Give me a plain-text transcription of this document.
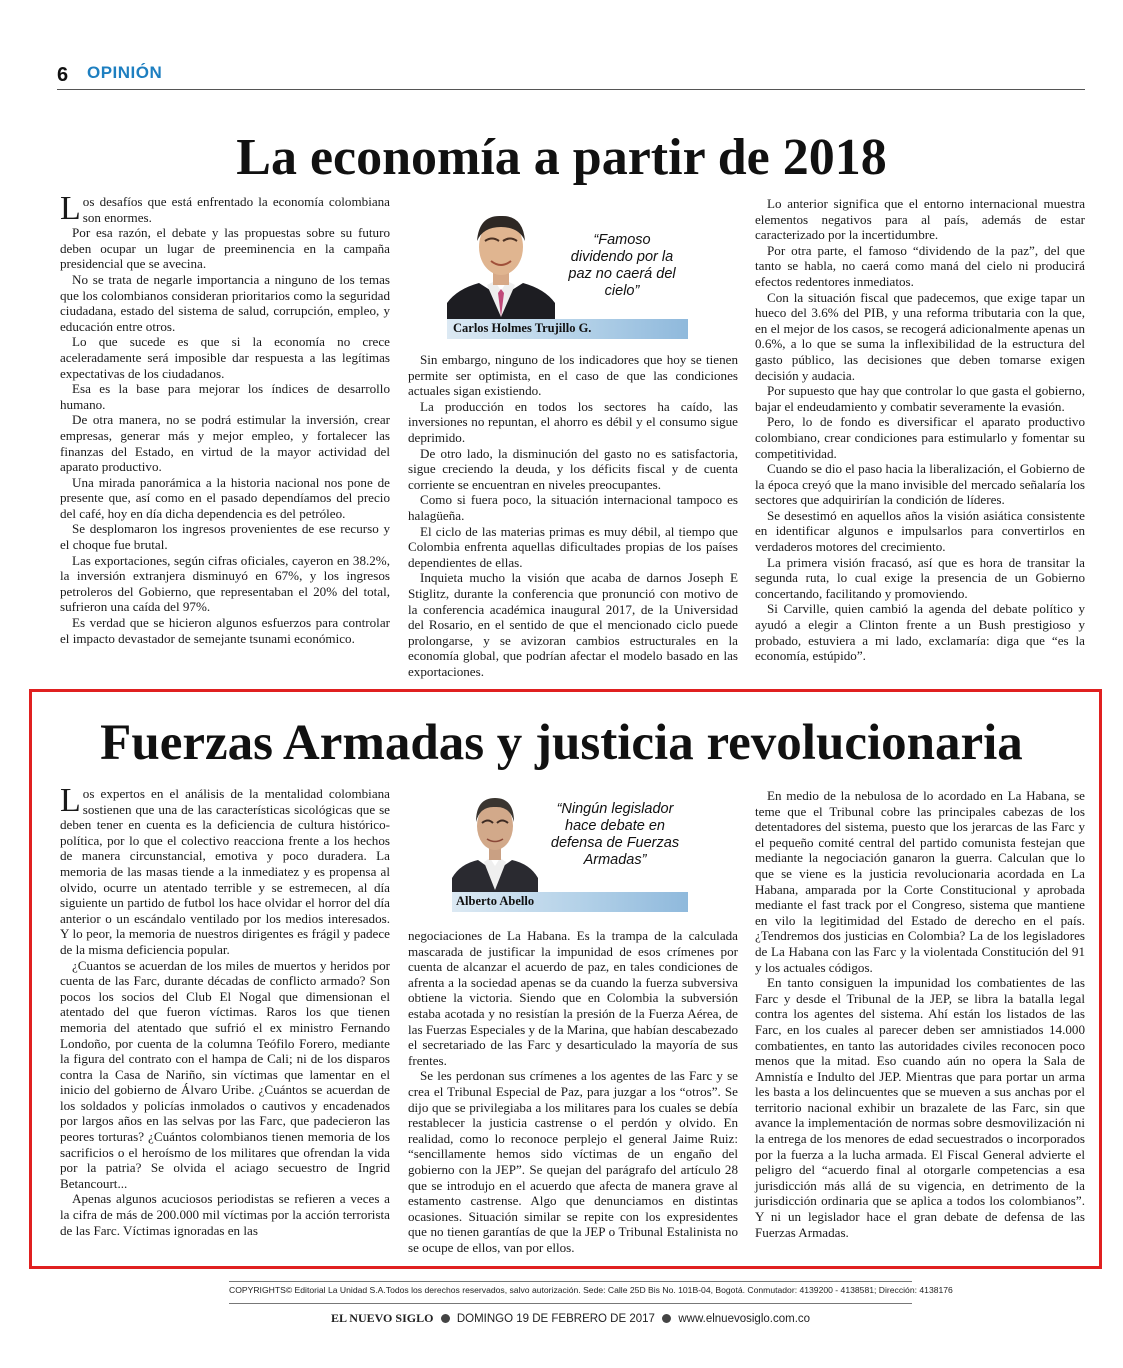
6 OPINIÓN
La economía a partir de 2018

Los desafíos que está enfrentado la economía colombiana son enormes.

Por esa razón, el debate y las propuestas sobre su futuro deben ocupar un lugar de preeminencia en la campaña presidencial que se avecina.

No se trata de negarle importancia a ninguno de los temas que los colombianos consideran prioritarios como la seguridad ciudadana, estado del sistema de salud, corrupción, empleo, y educación entre otros.

Lo que sucede es que si la economía no crece aceleradamente será imposible dar respuesta a las legítimas expectativas de los ciudadanos.

Esa es la base para mejorar los índices de desarrollo humano.

De otra manera, no se podrá estimular la inversión, crear empresas, generar más y mejor empleo, y fortalecer las finanzas del Estado, en virtud de la mayor actividad del aparato productivo.

Una mirada panorámica a la historia nacional nos pone de presente que, así como en el pasado dependíamos del precio del café, hoy en día dicha dependencia es del petróleo.

Se desplomaron los ingresos provenientes de ese recurso y el choque fue brutal.

Las exportaciones, según cifras oficiales, cayeron en 38.2%, la inversión extranjera disminuyó en 67%, y los ingresos petroleros del Gobierno, que representaban el 20% del total, sufrieron una caída del 97%.

Es verdad que se hicieron algunos esfuerzos para controlar el impacto devastador de semejante tsunami económico.

“Famoso dividendo por la paz no caerá del cielo”
Carlos Holmes Trujillo G.

Sin embargo, ninguno de los indicadores que hoy se tienen permite ser optimista, en el caso de que las condiciones actuales sigan existiendo.

La producción en todos los sectores ha caído, las inversiones no repuntan, el ahorro es débil y el consumo sigue deprimido.

De otro lado, la disminución del gasto no es satisfactoria, sigue creciendo la deuda, y los déficits fiscal y de cuenta corriente se encuentran en niveles preocupantes.

Como si fuera poco, la situación internacional tampoco es halagüeña.

El ciclo de las materias primas es muy débil, al tiempo que Colombia enfrenta aquellas dificultades propias de los países dependientes de ellas.

Inquieta mucho la visión que acaba de darnos Joseph E Stiglitz, durante la conferencia que pronunció con motivo de la conferencia académica inaugural 2017, de la Universidad del Rosario, en el sentido de que el mencionado ciclo puede prolongarse, y se avizoran cambios estructurales en la economía global, que podrían afectar el modelo basado en las exportaciones.

Lo anterior significa que el entorno internacional muestra elementos negativos para al país, además de estar caracterizado por la incertidumbre.

Por otra parte, el famoso “dividendo de la paz”, del que tanto se habla, no caerá como maná del cielo ni producirá efectos redentores inmediatos.

Con la situación fiscal que padecemos, que exige tapar un hueco del 3.6% del PIB, y una reforma tributaria con la que, en el mejor de los casos, se recogerá adicionalmente apenas un 0.6%, a lo que se suma la inflexibilidad de la estructura del gasto público, las decisiones que deben tomarse exigen decisión y audacia.

Por supuesto que hay que controlar lo que gasta el gobierno, bajar el endeudamiento y combatir severamente la evasión.

Pero, lo de fondo es diversificar el aparato productivo colombiano, crear condiciones para estimularlo y fomentar su competitividad.

Cuando se dio el paso hacia la liberalización, el Gobierno de la época creyó que la mano invisible del mercado señalaría los sectores que adquirirían la condición de líderes.

Se desestimó en aquellos años la visión asiática consistente en identificar algunos e impulsarlos para convertirlos en verdaderos motores del crecimiento.

La primera visión fracasó, así que es hora de transitar la segunda ruta, lo cual exige la presencia de un Gobierno concertando, facilitando y promoviendo.

Si Carville, quien cambió la agenda del debate político y ayudó a elegir a Clinton frente a un Bush prestigioso y probado, estuviera a mi lado, exclamaría: diga que “es la economía, estúpido”.

Fuerzas Armadas y justicia revolucionaria

Los expertos en el análisis de la mentalidad colombiana sostienen que una de las características sicológicas que se deben tener en cuenta es la deficiencia de cultura histórico-política, por lo que el colectivo reacciona frente a los hechos de manera circunstancial, emotiva y poco duradera. La memoria de las masas tiende a la inmediatez y es propensa al olvido, ocurre un atentado terrible y se estremecen, al día siguiente un partido de futbol los hace olvidar el horror del día anterior o un escándalo ventilado por los medios interesados. Y lo peor, la memoria de nuestros dirigentes es frágil y padece de la misma deficiencia popular.

¿Cuantos se acuerdan de los miles de muertos y heridos por cuenta de las Farc, durante décadas de conflicto armado? Son pocos los socios del Club El Nogal que dimensionan el atentado del que fueron víctimas. Raros los que tienen memoria del atentado que sufrió el ex ministro Fernando Londoño, por cuenta de la columna Teófilo Forero, mediante la figura del contrato con el hampa de Cali; ni de los disparos contra la Casa de Nariño, sin víctimas que lamentar en el inicio del gobierno de Álvaro Uribe. ¿Cuántos se acuerdan de los soldados y policías inmolados o cautivos y encadenados por largos años en las selvas por las Farc, que padecieron las peores torturas? ¿Cuántos colombianos tienen memoria de los sacrificios o el heroísmo de los militares que ofrendan la vida por la patria? Se olvida el aciago secuestro de Ingrid Betancourt...

Apenas algunos acuciosos periodistas se refieren a veces a la cifra de más de 200.000 mil víctimas por la acción terrorista de las Farc. Víctimas ignoradas en las

“Ningún legislador hace debate en defensa de Fuerzas Armadas”
Alberto Abello

negociaciones de La Habana. Es la trampa de la calculada mascarada de justificar la impunidad de esos crímenes por cuenta de alcanzar el acuerdo de paz, en tales condiciones de afrenta a la sociedad apenas se da cuando la fuerza subversiva obtiene la victoria. Siendo que en Colombia la subversión estaba acotada y no resistían la presión de la Fuerza Aérea, de las Fuerzas Especiales y de la Marina, que habían descabezado el secretariado de las Farc y desarticulado la mayoría de sus frentes.

Se les perdonan sus crímenes a los agentes de las Farc y se crea el Tribunal Especial de Paz, para juzgar a los “otros”. Se dijo que se privilegiaba a los militares para los cuales se debía restablecer la justicia castrense o el perdón y olvido. En realidad, como lo reconoce perplejo el general Jaime Ruiz: “sencillamente hemos sido víctimas de un engaño del gobierno con la JEP”. Se quejan del parágrafo del artículo 28 que se introdujo en el acuerdo que afecta de manera grave al estamento castrense. Algo que denunciamos en distintas ocasiones. Situación similar se repite con los expresidentes que no tienen garantías de que la JEP o Tribunal Estalinista no se ocupe de ellos, van por ellos.

En medio de la nebulosa de lo acordado en La Habana, se teme que el Tribunal cobre las principales cabezas de los detentadores del sistema, puesto que los jerarcas de las Farc y el pequeño comité central del partido comunista festejan que mediante la negociación ganaron la guerra. Calculan que lo que se viene es la justicia revolucionaria acordada en La Habana, amparada por la Corte Constitucional y aprobada mediante el fast track por el Congreso, sistema que mantiene en vilo la legitimidad del Estado de derecho en el país. ¿Tendremos dos justicias en Colombia? La de los legisladores de La Habana con las Farc y la violentada Constitución del 91 y los actuales códigos.

En tanto consiguen la impunidad los combatientes de las Farc y desde el Tribunal de la JEP, se libra la batalla legal contra los agentes del sistema. Ahí están los listados de las Farc, en los cuales al parecer deben ser amnistiados 14.000 combatientes, en tanto las autoridades civiles reconocen poco menos que la mitad. Eso cuando aún no opera la Sala de Amnistía e Indulto del JEP. Mientras que para portar un arma les basta a los delincuentes que se mueven a sus anchas por el territorio nacional exhibir un brazalete de las Farc, sin que avance la implementación de normas sobre desmovilización ni la entrega de los menores de edad secuestrados o incorporados por la fuerza a la lucha armada. El Fiscal General advierte el peligro del “acuerdo final al otorgarle competencias a esa jurisdicción más allá de su vigencia, en detrimento de la jurisdicción ordinaria que se aplica a todos los colombianos”. Y ni un legislador hace el gran debate de defensa de las Fuerzas Armadas.

COPYRIGHTS© Editorial La Unidad S.A.Todos los derechos reservados, salvo autorización. Sede: Calle 25D Bis No. 101B-04, Bogotá. Conmutador: 4139200 - 4138581; Dirección: 4138176
EL NUEVO SIGLO DOMINGO 19 DE FEBRERO DE 2017 www.elnuevosiglo.com.co
